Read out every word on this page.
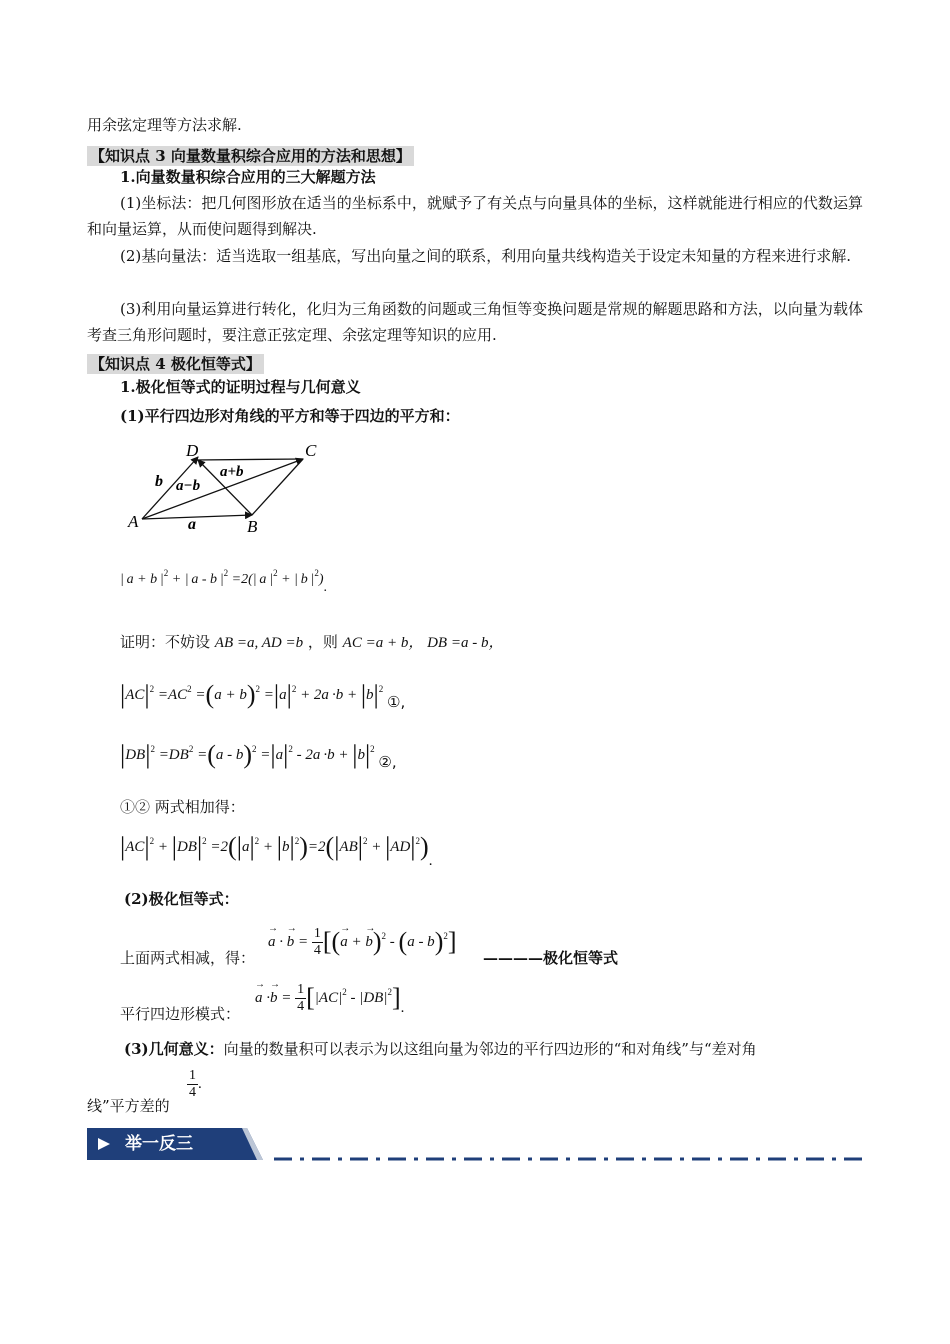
用余弦定理等方法求解.
【知识点 3 向量数量积综合应用的方法和思想】
1.向量数量积综合应用的三大解题方法
(1)坐标法：把几何图形放在适当的坐标系中，就赋予了有关点与向量具体的坐标，这样就能进行相应的代数运算和向量运算，从而使问题得到解决.
(2)基向量法：适当选取一组基底，写出向量之间的联系，利用向量共线构造关于设定未知量的方程来进行求解.
(3)利用向量运算进行转化，化归为三角函数的问题或三角恒等变换问题是常规的解题思路和方法，以向量为载体考查三角形问题时，要注意正弦定理、余弦定理等知识的应用.
【知识点 4 极化恒等式】
1.极化恒等式的证明过程与几何意义
(1)平行四边形对角线的平方和等于四边的平方和：
A	B
C
D
a
b
a+b
a−b
| a + b $|^2$ + | a - b $|^2 =2(|$ a $|^2$ + | b $|^2$).
证明：不妨设 AB =a, AD =b ，则 AC =a + b， DB =a - b，
$|AC|^2 =AC^2 =(a + b)^2 =|a|^2 + 2a \cdot b + |b|^2$ ①,
$|DB|^2 =DB^2 =(a - b)^2 =|a|^2 - 2a \cdot b + |b|^2$ ②,
①② 两式相加得：
$|AC|^2 + |DB|^2 =2(|a|^2 + |b|^2)=2(|AB|^2 + |AD|^2)$.
(2)极化恒等式：
上面两式相减，得：
→ a · → $b = \frac{1}{4}$ [(→ a + → b)$^2$ - (a - b)$^2$]
————极化恒等式
平行四边形模式：
→ $a \cdot\to b = \frac{1}{4} [|AC|^2 - |DB|^2]$.
(3)几何意义：向量的数量积可以表示为以这组向量为邻边的平行四边形的“和对角线”与“差对角
线”平方差的
$\frac{1}{4}$ .
举一反三
